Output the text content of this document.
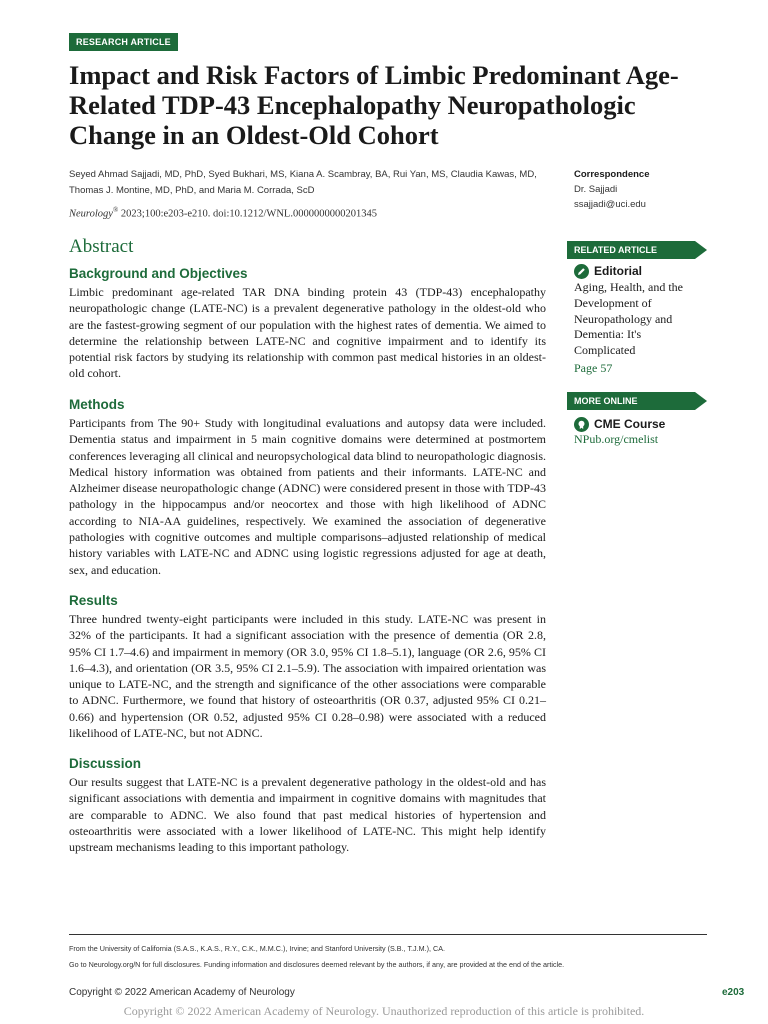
RESEARCH ARTICLE
Impact and Risk Factors of Limbic Predominant Age-Related TDP-43 Encephalopathy Neuropathologic Change in an Oldest-Old Cohort
Seyed Ahmad Sajjadi, MD, PhD, Syed Bukhari, MS, Kiana A. Scambray, BA, Rui Yan, MS, Claudia Kawas, MD,
Thomas J. Montine, MD, PhD, and Maria M. Corrada, ScD
Neurology® 2023;100:e203-e210. doi:10.1212/WNL.0000000000201345
Correspondence
Dr. Sajjadi
ssajjadi@uci.edu
Abstract
Background and Objectives

Limbic predominant age-related TAR DNA binding protein 43 (TDP-43) encephalopathy neuropathologic change (LATE-NC) is a prevalent degenerative pathology in the oldest-old who are the fastest-growing segment of our population with the highest rates of dementia. We aimed to determine the relationship between LATE-NC and cognitive impairment and to identify its potential risk factors by studying its relationship with common past medical histories in an oldest-old cohort.

Methods

Participants from The 90+ Study with longitudinal evaluations and autopsy data were included. Dementia status and impairment in 5 main cognitive domains were determined at postmortem conferences leveraging all clinical and neuropsychological data blind to neuropathologic diagnosis. Medical history information was obtained from patients and their informants. LATE-NC and Alzheimer disease neuropathologic change (ADNC) were considered present in those with TDP-43 pathology in the hippocampus and/or neocortex and those with high likelihood of ADNC according to NIA-AA guidelines, respectively. We examined the association of degenerative pathologies with cognitive outcomes and multiple comparisons–adjusted relationship of medical history variables with LATE-NC and ADNC using logistic regressions adjusted for age at death, sex, and education.

Results

Three hundred twenty-eight participants were included in this study. LATE-NC was present in 32% of the participants. It had a significant association with the presence of dementia (OR 2.8, 95% CI 1.7–4.6) and impairment in memory (OR 3.0, 95% CI 1.8–5.1), language (OR 2.6, 95% CI 1.6–4.3), and orientation (OR 3.5, 95% CI 2.1–5.9). The association with impaired orientation was unique to LATE-NC, and the strength and significance of the other associations were comparable to ADNC. Furthermore, we found that history of osteoarthritis (OR 0.37, adjusted 95% CI 0.21–0.66) and hypertension (OR 0.52, adjusted 95% CI 0.28–0.98) were associated with a reduced likelihood of LATE-NC, but not ADNC.

Discussion

Our results suggest that LATE-NC is a prevalent degenerative pathology in the oldest-old and has significant associations with dementia and impairment in cognitive domains with magnitudes that are comparable to ADNC. We also found that past medical histories of hypertension and osteoarthritis were associated with a lower likelihood of LATE-NC. This might help identify upstream mechanisms leading to this important pathology.

RELATED ARTICLE
Editorial
Aging, Health, and the Development of Neuropathology and Dementia: It's Complicated
Page 57
MORE ONLINE
CME Course
NPub.org/cmelist
From the University of California (S.A.S., K.A.S., R.Y., C.K., M.M.C.), Irvine; and Stanford University (S.B., T.J.M.), CA.
Go to Neurology.org/N for full disclosures. Funding information and disclosures deemed relevant by the authors, if any, are provided at the end of the article.
Copyright © 2022 American Academy of Neurology	e203
Copyright © 2022 American Academy of Neurology. Unauthorized reproduction of this article is prohibited.
